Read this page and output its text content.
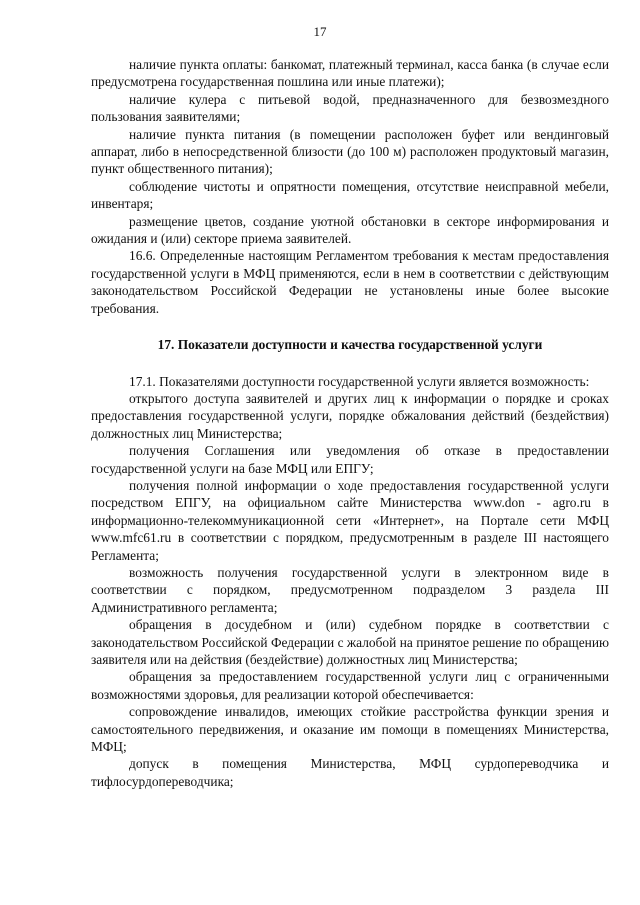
17

наличие пункта оплаты: банкомат, платежный терминал, касса банка (в случае если предусмотрена государственная пошлина или иные платежи);

наличие кулера с питьевой водой, предназначенного для безвозмездного пользования заявителями;

наличие пункта питания (в помещении расположен буфет или вендинговый аппарат, либо в непосредственной близости (до 100 м) расположен продуктовый магазин, пункт общественного питания);

соблюдение чистоты и опрятности помещения, отсутствие неисправной мебели, инвентаря;

размещение цветов, создание уютной обстановки в секторе информирования и ожидания и (или) секторе приема заявителей.

16.6. Определенные настоящим Регламентом требования к местам предоставления государственной услуги в МФЦ применяются, если в нем в соответствии с действующим законодательством Российской Федерации не установлены иные более высокие требования.

17. Показатели доступности и качества государственной услуги

17.1. Показателями доступности государственной услуги является возможность:

открытого доступа заявителей и других лиц к информации о порядке и сроках предоставления государственной услуги, порядке обжалования действий (бездействия) должностных лиц Министерства;

получения Соглашения или уведомления об отказе в предоставлении государственной услуги на базе МФЦ или ЕПГУ;

получения полной информации о ходе предоставления государственной услуги посредством ЕПГУ, на официальном сайте Министерства www.don - agro.ru в информационно-телекоммуникационной сети «Интернет», на Портале сети МФЦ www.mfc61.ru в соответствии с порядком, предусмотренным в разделе III настоящего Регламента;

возможность получения государственной услуги в электронном виде в соответствии с порядком, предусмотренном подразделом 3 раздела III Административного регламента;

обращения в досудебном и (или) судебном порядке в соответствии с законодательством Российской Федерации с жалобой на принятое решение по обращению заявителя или на действия (бездействие) должностных лиц Министерства;

обращения за предоставлением государственной услуги лиц с ограниченными возможностями здоровья, для реализации которой обеспечивается:

сопровождение инвалидов, имеющих стойкие расстройства функции зрения и самостоятельного передвижения, и оказание им помощи в помещениях Министерства, МФЦ;

допуск в помещения Министерства, МФЦ сурдопереводчика и тифлосурдопереводчика;
